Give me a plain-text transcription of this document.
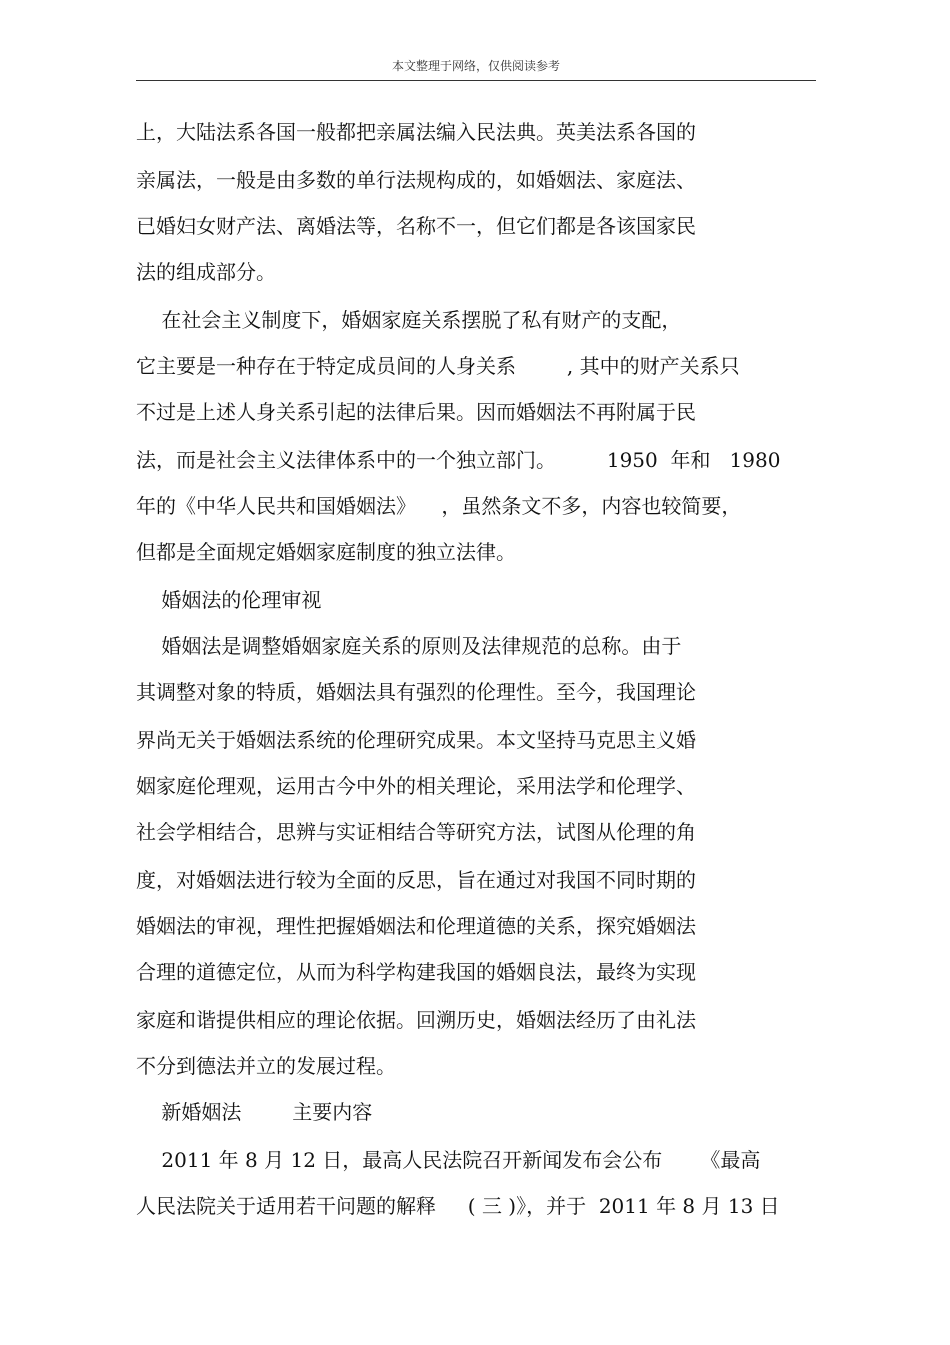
本文整理于网络，仅供阅读参考

上，大陆法系各国一般都把亲属法编入民法典。英美法系各国的

亲属法，一般是由多数的单行法规构成的，如婚姻法、家庭法、

已婚妇女财产法、离婚法等，名称不一，但它们都是各该国家民

法的组成部分。

在社会主义制度下，婚姻家庭关系摆脱了私有财产的支配，

它主要是一种存在于特定成员间的人身关系        , 其中的财产关系只

不过是上述人身关系引起的法律后果。因而婚姻法不再附属于民

法，而是社会主义法律体系中的一个独立部门。        1950  年和   1980

年的《中华人民共和国婚姻法》    ，虽然条文不多，内容也较简要，

但都是全面规定婚姻家庭制度的独立法律。

婚姻法的伦理审视

婚姻法是调整婚姻家庭关系的原则及法律规范的总称。由于

其调整对象的特质，婚姻法具有强烈的伦理性。至今，我国理论

界尚无关于婚姻法系统的伦理研究成果。本文坚持马克思主义婚

姻家庭伦理观，运用古今中外的相关理论，采用法学和伦理学、

社会学相结合，思辨与实证相结合等研究方法，试图从伦理的角

度，对婚姻法进行较为全面的反思，旨在通过对我国不同时期的

婚姻法的审视，理性把握婚姻法和伦理道德的关系，探究婚姻法

合理的道德定位，从而为科学构建我国的婚姻良法，最终为实现

家庭和谐提供相应的理论依据。回溯历史，婚姻法经历了由礼法

不分到德法并立的发展过程。

新婚姻法        主要内容

2011 年 8 月 12 日，最高人民法院召开新闻发布会公布      《最高

人民法院关于适用若干问题的解释     ( 三 )》，并于  2011 年 8 月 13 日
